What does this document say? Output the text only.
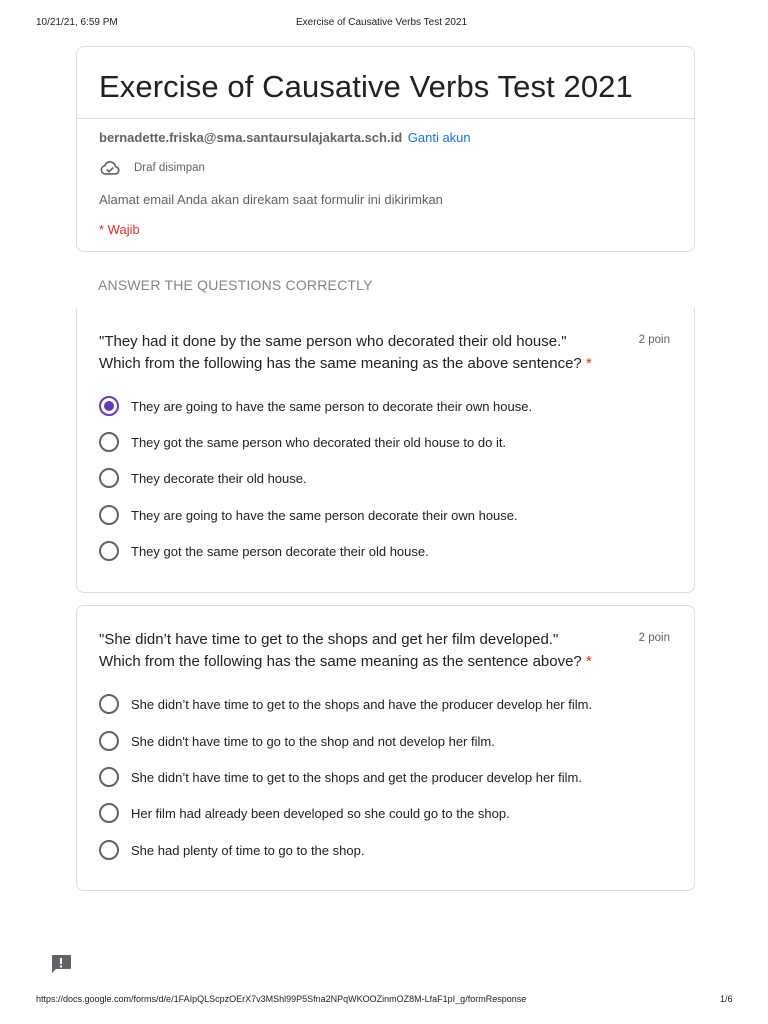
10/21/21, 6:59 PM	Exercise of Causative Verbs Test 2021
Exercise of Causative Verbs Test 2021
bernadette.friska@sma.santaursulajakarta.sch.id Ganti akun
Draf disimpan
Alamat email Anda akan direkam saat formulir ini dikirimkan
* Wajib
ANSWER THE QUESTIONS CORRECTLY
"They had it done by the same person who decorated their old house."
Which from the following has the same meaning as the above sentence? *
2 poin
They are going to have the same person to decorate their own house.
They got the same person who decorated their old house to do it.
They decorate their old house.
They are going to have the same person decorate their own house.
They got the same person decorate their old house.
"She didn’t have time to get to the shops and get her film developed."
Which from the following has the same meaning as the sentence above? *
2 poin
She didn’t have time to get to the shops and have the producer develop her film.
She didn't have time to go to the shop and not develop her film.
She didn’t have time to get to the shops and get the producer develop her film.
Her film had already been developed so she could go to the shop.
She had plenty of time to go to the shop.
https://docs.google.com/forms/d/e/1FAIpQLScpzOErX7v3MShl99P5Sfna2NPqWKOOZinmOZ8M-LfaF1pI_g/formResponse	1/6
